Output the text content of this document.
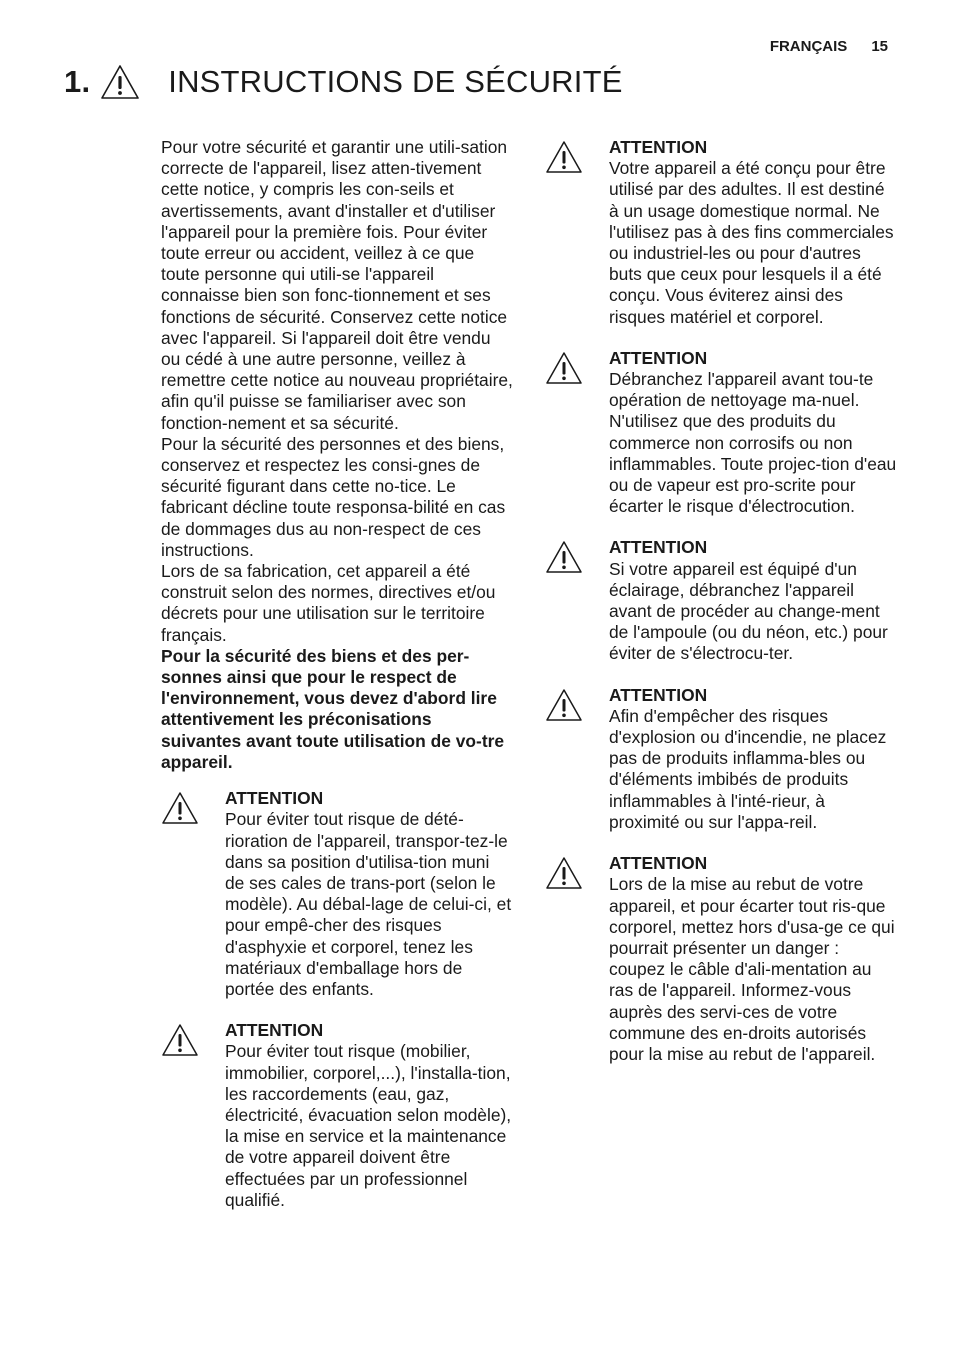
FRANÇAIS 15
1.	INSTRUCTIONS DE SÉCURITÉ

Pour votre sécurité et garantir une utili-sation correcte de l'appareil, lisez atten-tivement cette notice, y compris les con-seils et avertissements, avant d'installer et d'utiliser l'appareil pour la première fois. Pour éviter toute erreur ou accident, veillez à ce que toute personne qui utili-se l'appareil connaisse bien son fonc-tionnement et ses fonctions de sécurité. Conservez cette notice avec l'appareil. Si l'appareil doit être vendu ou cédé à une autre personne, veillez à remettre cette notice au nouveau propriétaire, afin qu'il puisse se familiariser avec son fonction-nement et sa sécurité.

Pour la sécurité des personnes et des biens, conservez et respectez les consi-gnes de sécurité figurant dans cette no-tice. Le fabricant décline toute responsa-bilité en cas de dommages dus au non-respect de ces instructions.

Lors de sa fabrication, cet appareil a été construit selon des normes, directives et/ou décrets pour une utilisation sur le territoire français.

Pour la sécurité des biens et des per-sonnes ainsi que pour le respect de l'environnement, vous devez d'abord lire attentivement les préconisations suivantes avant toute utilisation de vo-tre appareil.

ATTENTION
Pour éviter tout risque de dété-rioration de l'appareil, transpor-tez-le dans sa position d'utilisa-tion muni de ses cales de trans-port (selon le modèle). Au débal-lage de celui-ci, et pour empê-cher des risques d'asphyxie et corporel, tenez les matériaux d'emballage hors de portée des enfants.
ATTENTION
Pour éviter tout risque (mobilier, immobilier, corporel,...), l'installa-tion, les raccordements (eau, gaz, électricité, évacuation selon modèle), la mise en service et la maintenance de votre appareil doivent être effectuées par un professionnel qualifié.
ATTENTION
Votre appareil a été conçu pour être utilisé par des adultes. Il est destiné à un usage domestique normal. Ne l'utilisez pas à des fins commerciales ou industriel-les ou pour d'autres buts que ceux pour lesquels il a été conçu. Vous éviterez ainsi des risques matériel et corporel.
ATTENTION
Débranchez l'appareil avant tou-te opération de nettoyage ma-nuel. N'utilisez que des produits du commerce non corrosifs ou non inflammables. Toute projec-tion d'eau ou de vapeur est pro-scrite pour écarter le risque d'électrocution.
ATTENTION
Si votre appareil est équipé d'un éclairage, débranchez l'appareil avant de procéder au change-ment de l'ampoule (ou du néon, etc.) pour éviter de s'électrocu-ter.
ATTENTION
Afin d'empêcher des risques d'explosion ou d'incendie, ne placez pas de produits inflamma-bles ou d'éléments imbibés de produits inflammables à l'inté-rieur, à proximité ou sur l'appa-reil.
ATTENTION
Lors de la mise au rebut de votre appareil, et pour écarter tout ris-que corporel, mettez hors d'usa-ge ce qui pourrait présenter un danger : coupez le câble d'ali-mentation au ras de l'appareil. Informez-vous auprès des servi-ces de votre commune des en-droits autorisés pour la mise au rebut de l'appareil.
